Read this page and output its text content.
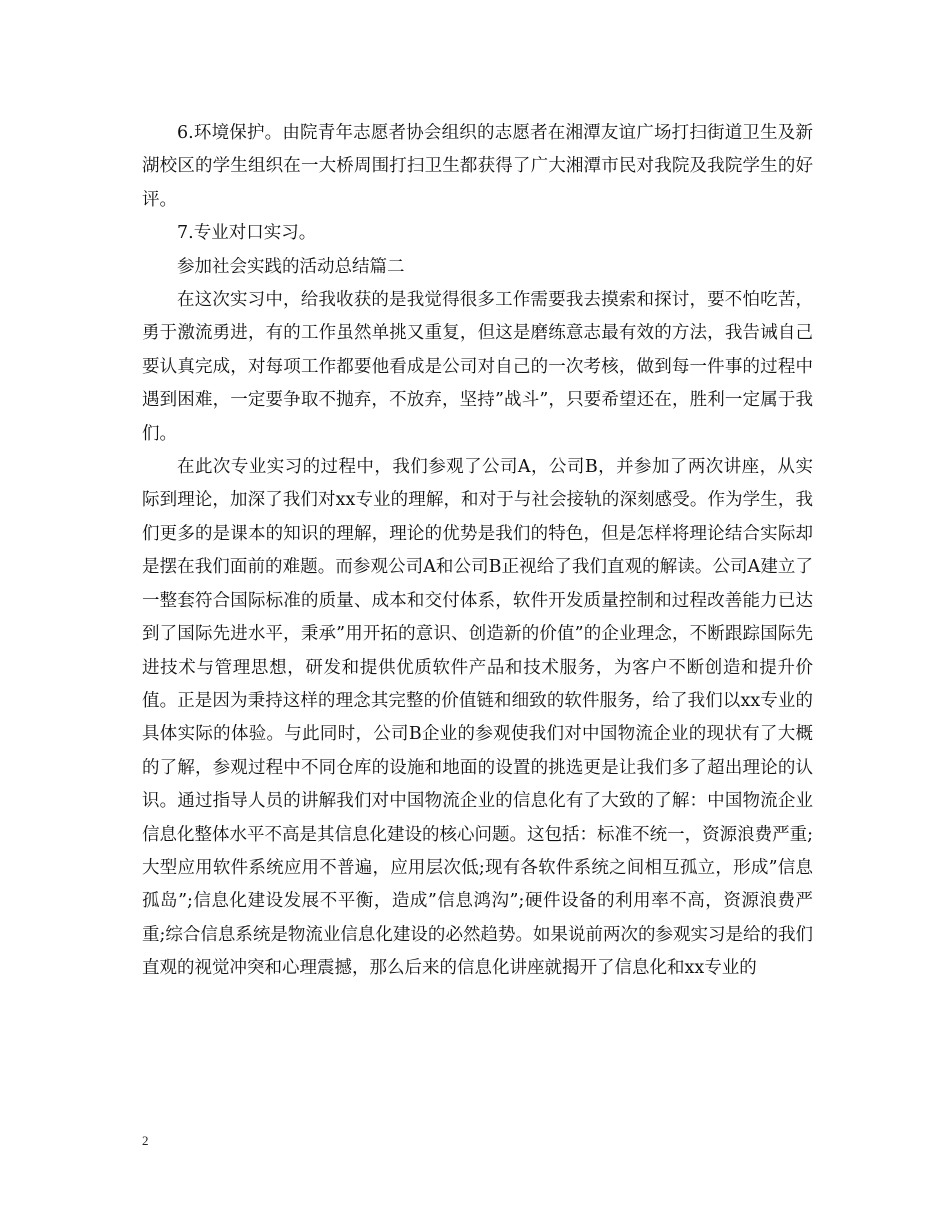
6.环境保护。由院青年志愿者协会组织的志愿者在湘潭友谊广场打扫街道卫生及新湖校区的学生组织在一大桥周围打扫卫生都获得了广大湘潭市民对我院及我院学生的好评。

7.专业对口实习。

参加社会实践的活动总结篇二

在这次实习中，给我收获的是我觉得很多工作需要我去摸索和探讨，要不怕吃苦，勇于激流勇进，有的工作虽然单挑又重复，但这是磨练意志最有效的方法，我告诫自己要认真完成，对每项工作都要他看成是公司对自己的一次考核，做到每一件事的过程中遇到困难，一定要争取不抛弃，不放弃，坚持”战斗”，只要希望还在，胜利一定属于我们。

在此次专业实习的过程中，我们参观了公司A，公司B，并参加了两次讲座，从实际到理论，加深了我们对xx专业的理解，和对于与社会接轨的深刻感受。作为学生，我们更多的是课本的知识的理解，理论的优势是我们的特色，但是怎样将理论结合实际却是摆在我们面前的难题。而参观公司A和公司B正视给了我们直观的解读。公司A建立了一整套符合国际标准的质量、成本和交付体系，软件开发质量控制和过程改善能力已达到了国际先进水平，秉承”用开拓的意识、创造新的价值”的企业理念，不断跟踪国际先进技术与管理思想，研发和提供优质软件产品和技术服务，为客户不断创造和提升价值。正是因为秉持这样的理念其完整的价值链和细致的软件服务，给了我们以xx专业的具体实际的体验。与此同时，公司B企业的参观使我们对中国物流企业的现状有了大概的了解，参观过程中不同仓库的设施和地面的设置的挑选更是让我们多了超出理论的认识。通过指导人员的讲解我们对中国物流企业的信息化有了大致的了解：中国物流企业信息化整体水平不高是其信息化建设的核心问题。这包括：标准不统一，资源浪费严重;大型应用软件系统应用不普遍，应用层次低;现有各软件系统之间相互孤立，形成”信息孤岛”;信息化建设发展不平衡，造成”信息鸿沟”;硬件设备的利用率不高，资源浪费严重;综合信息系统是物流业信息化建设的必然趋势。如果说前两次的参观实习是给的我们直观的视觉冲突和心理震撼，那么后来的信息化讲座就揭开了信息化和xx专业的

2
